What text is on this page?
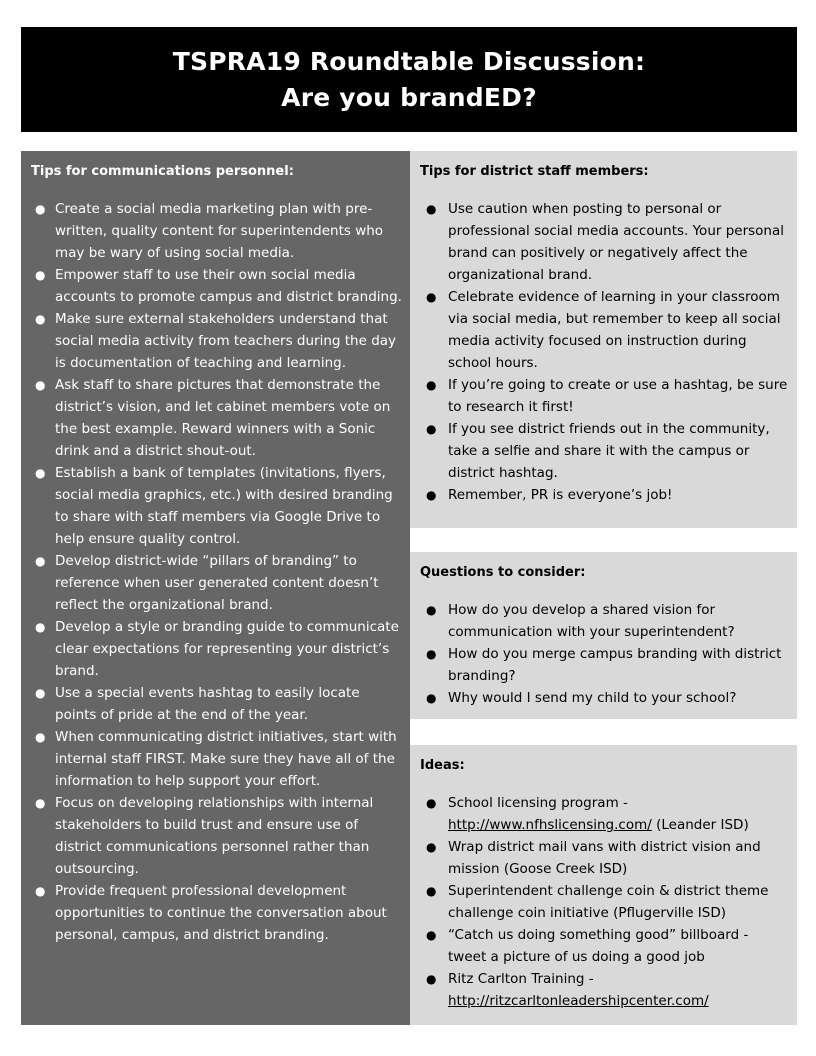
TSPRA19 Roundtable Discussion:
Are you brandED?
Tips for communications personnel:
● Create a social media marketing plan with pre-written, quality content for superintendents who may be wary of using social media.
● Empower staff to use their own social media accounts to promote campus and district branding.
● Make sure external stakeholders understand that social media activity from teachers during the day is documentation of teaching and learning.
● Ask staff to share pictures that demonstrate the district’s vision, and let cabinet members vote on the best example. Reward winners with a Sonic drink and a district shout-out.
● Establish a bank of templates (invitations, flyers, social media graphics, etc.) with desired branding to share with staff members via Google Drive to help ensure quality control.
● Develop district-wide “pillars of branding” to reference when user generated content doesn’t reflect the organizational brand.
● Develop a style or branding guide to communicate clear expectations for representing your district’s brand.
● Use a special events hashtag to easily locate points of pride at the end of the year.
● When communicating district initiatives, start with internal staff FIRST. Make sure they have all of the information to help support your effort.
● Focus on developing relationships with internal stakeholders to build trust and ensure use of district communications personnel rather than outsourcing.
● Provide frequent professional development opportunities to continue the conversation about personal, campus, and district branding.
Tips for district staff members:
● Use caution when posting to personal or professional social media accounts. Your personal brand can positively or negatively affect the organizational brand.
● Celebrate evidence of learning in your classroom via social media, but remember to keep all social media activity focused on instruction during school hours.
● If you’re going to create or use a hashtag, be sure to research it first!
● If you see district friends out in the community, take a selfie and share it with the campus or district hashtag.
● Remember, PR is everyone’s job!
Questions to consider:
● How do you develop a shared vision for communication with your superintendent?
● How do you merge campus branding with district branding?
● Why would I send my child to your school?
Ideas:
● School licensing program -
http://www.nfhslicensing.com/ (Leander ISD)
● Wrap district mail vans with district vision and mission (Goose Creek ISD)
● Superintendent challenge coin & district theme challenge coin initiative (Pflugerville ISD)
● “Catch us doing something good” billboard - tweet a picture of us doing a good job
● Ritz Carlton Training -
http://ritzcarltonleadershipcenter.com/
